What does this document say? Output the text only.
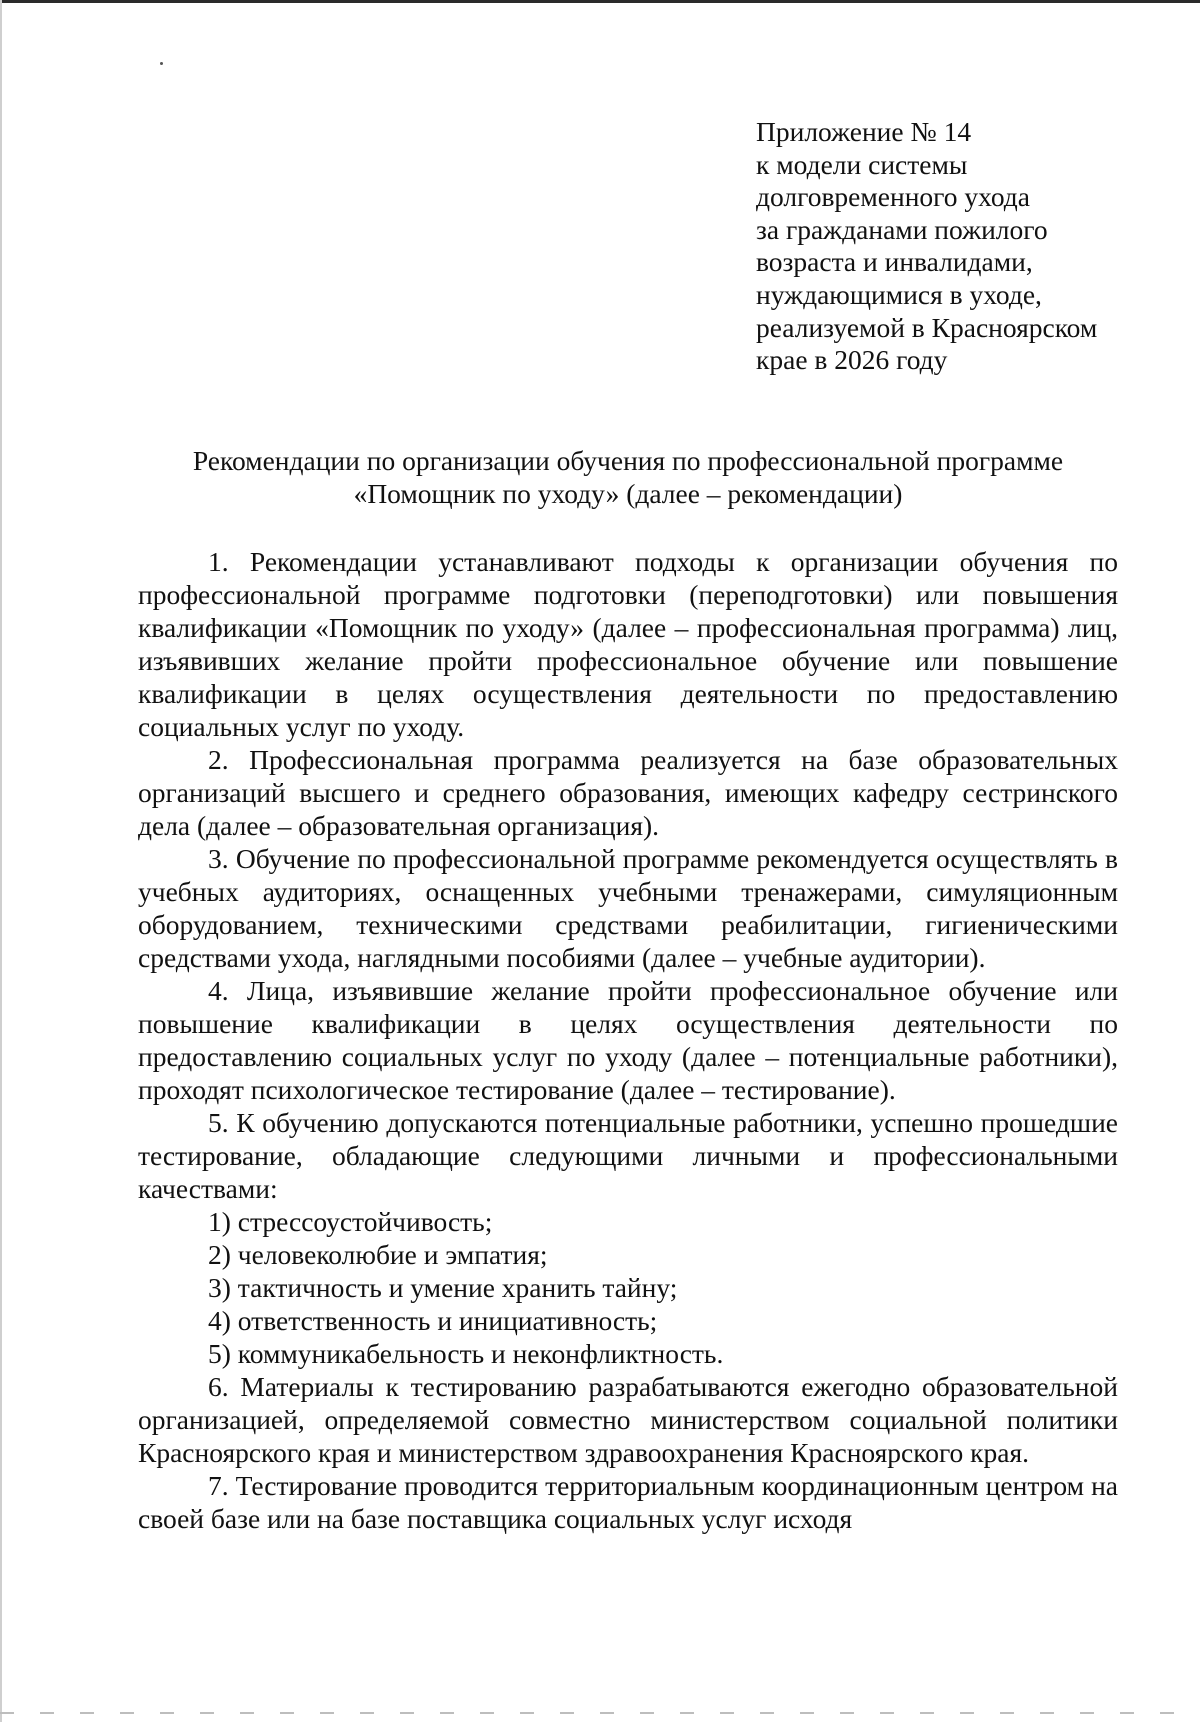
Приложение № 14
к модели системы
долговременного ухода
за гражданами пожилого
возраста и инвалидами,
нуждающимися в уходе,
реализуемой в Красноярском
крае в 2026 году
Рекомендации по организации обучения по профессиональной программе
«Помощник по уходу» (далее – рекомендации)

1. Рекомендации устанавливают подходы к организации обучения по профессиональной программе подготовки (переподготовки) или повышения квалификации «Помощник по уходу» (далее – профессиональная программа) лиц, изъявивших желание пройти профессиональное обучение или повышение квалификации в целях осуществления деятельности по предоставлению социальных услуг по уходу.

2. Профессиональная программа реализуется на базе образовательных организаций высшего и среднего образования, имеющих кафедру сестринского дела (далее – образовательная организация).

3. Обучение по профессиональной программе рекомендуется осуществлять в учебных аудиториях, оснащенных учебными тренажерами, симуляционным оборудованием, техническими средствами реабилитации, гигиеническими средствами ухода, наглядными пособиями (далее – учебные аудитории).

4. Лица, изъявившие желание пройти профессиональное обучение или повышение квалификации в целях осуществления деятельности по предоставлению социальных услуг по уходу (далее – потенциальные работники), проходят психологическое тестирование (далее – тестирование).

5. К обучению допускаются потенциальные работники, успешно прошедшие тестирование, обладающие следующими личными и профессиональными качествами:

1) стрессоустойчивость;
2) человеколюбие и эмпатия;
3) тактичность и умение хранить тайну;
4) ответственность и инициативность;
5) коммуникабельность и неконфликтность.

6. Материалы к тестированию разрабатываются ежегодно образовательной организацией, определяемой совместно министерством социальной политики Красноярского края и министерством здравоохранения Красноярского края.

7. Тестирование проводится территориальным координационным центром на своей базе или на базе поставщика социальных услуг исходя
